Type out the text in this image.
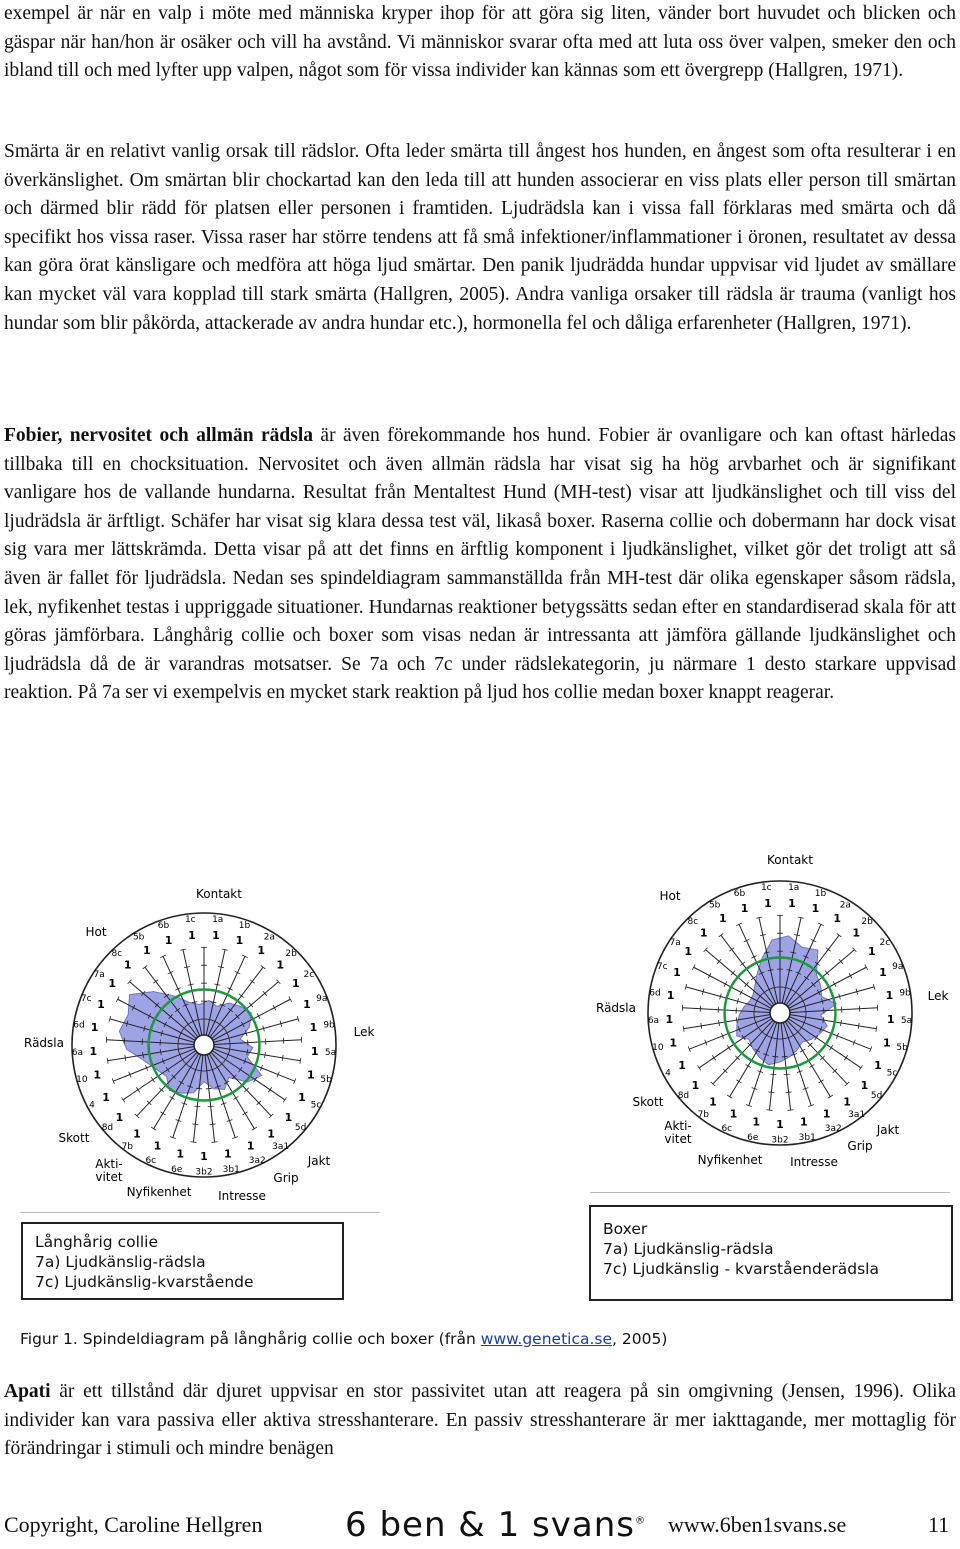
exempel är när en valp i möte med människa kryper ihop för att göra sig liten, vänder bort huvudet och blicken och gäspar när han/hon är osäker och vill ha avstånd. Vi människor svarar ofta med att luta oss över valpen, smeker den och ibland till och med lyfter upp valpen, något som för vissa individer kan kännas som ett övergrepp (Hallgren, 1971).

Smärta är en relativt vanlig orsak till rädslor. Ofta leder smärta till ångest hos hunden, en ångest som ofta resulterar i en överkänslighet. Om smärtan blir chockartad kan den leda till att hunden associerar en viss plats eller person till smärtan och därmed blir rädd för platsen eller personen i framtiden. Ljudrädsla kan i vissa fall förklaras med smärta och då specifikt hos vissa raser. Vissa raser har större tendens att få små infektioner/inflammationer i öronen, resultatet av dessa kan göra örat känsligare och medföra att höga ljud smärtar. Den panik ljudrädda hundar uppvisar vid ljudet av smällare kan mycket väl vara kopplad till stark smärta (Hallgren, 2005). Andra vanliga orsaker till rädsla är trauma (vanligt hos hundar som blir påkörda, attackerade av andra hundar etc.), hormonella fel och dåliga erfarenheter (Hallgren, 1971).

Fobier, nervositet och allmän rädsla är även förekommande hos hund. Fobier är ovanligare och kan oftast härledas tillbaka till en chocksituation. Nervositet och även allmän rädsla har visat sig ha hög arvbarhet och är signifikant vanligare hos de vallande hundarna. Resultat från Mentaltest Hund (MH-test) visar att ljudkänslighet och till viss del ljudrädsla är ärftligt. Schäfer har visat sig klara dessa test väl, likaså boxer. Raserna collie och dobermann har dock visat sig vara mer lättskrämda. Detta visar på att det finns en ärftlig komponent i ljudkänslighet, vilket gör det troligt att så även är fallet för ljudrädsla. Nedan ses spindeldiagram sammanställda från MH-test där olika egenskaper såsom rädsla, lek, nyfikenhet testas i uppriggade situationer. Hundarnas reaktioner betygssätts sedan efter en standardiserad skala för att göras jämförbara. Långhårig collie och boxer som visas nedan är intressanta att jämföra gällande ljudkänslighet och ljudrädsla då de är varandras motsatser. Se 7a och 7c under rädslekategorin, ju närmare 1 desto starkare uppvisad reaktion. På 7a ser vi exempelvis en mycket stark reaktion på ljud hos collie medan boxer knappt reagerar.

1
1a
1
1b
1
2a
1
2b
1
2c
1 9a
1 9b
1 5a
1 5b
1
5c
1
5d
1
3a1
1
3a2
1
3b1
1
3b2
1
6e
1
6c
1
7b
1
8d
1
4
1
10
1
6a
1
6d
1
7c
1
7a
1
8c 1
5b 1
6b
1
1c
Kontakt
Hot
Lek
Rädsla
Skott
Akti-vitet
Nyfikenhet Intresse
Grip
Jakt
1
1a
1
1b
1
2a
1
2b
1
2c
1 9a
1 9b
1 5a
1 5b
1
5c
1
5d
1
3a1
1
3a2
1
3b1
1
3b2
1
6e
1
6c
1
7b
1
8d
1
4
1
10
1
6a
1
6d
1
7c
1
7a
1
8c 1
5b 1
6b
1
1c
Kontakt
Hot
Lek
Rädsla
Skott
Akti-vitet
Nyfikenhet Intresse
Grip
Jakt
Långhårig collie
7a) Ljudkänslig-rädsla
7c) Ljudkänslig-kvarstående
Boxer
7a) Ljudkänslig-rädsla
7c) Ljudkänslig - kvarståenderädsla
Figur 1. Spindeldiagram på långhårig collie och boxer (från www.genetica.se, 2005)

Apati är ett tillstånd där djuret uppvisar en stor passivitet utan att reagera på sin omgivning (Jensen, 1996). Olika individer kan vara passiva eller aktiva stresshanterare. En passiv stresshanterare är mer iakttagande, mer mottaglig för förändringar i stimuli och mindre benägen

Copyright, Caroline Hellgren 6 ben & 1 svans® www.6ben1svans.se	11
